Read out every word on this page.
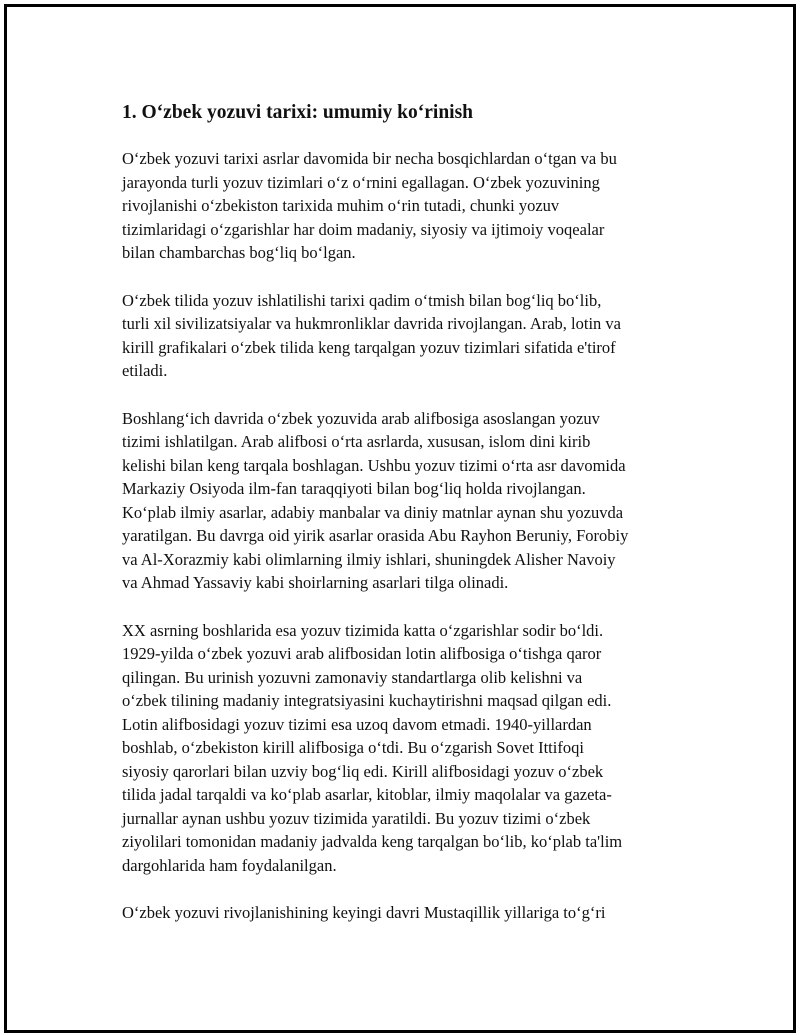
1. O‘zbek yozuvi tarixi: umumiy ko‘rinish

O‘zbek yozuvi tarixi asrlar davomida bir necha bosqichlardan o‘tgan va bu
jarayonda turli yozuv tizimlari o‘z o‘rnini egallagan. O‘zbek yozuvining
rivojlanishi o‘zbekiston tarixida muhim o‘rin tutadi, chunki yozuv
tizimlaridagi o‘zgarishlar har doim madaniy, siyosiy va ijtimoiy voqealar
bilan chambarchas bog‘liq bo‘lgan.

O‘zbek tilida yozuv ishlatilishi tarixi qadim o‘tmish bilan bog‘liq bo‘lib,
turli xil sivilizatsiyalar va hukmronliklar davrida rivojlangan. Arab, lotin va
kirill grafikalari o‘zbek tilida keng tarqalgan yozuv tizimlari sifatida e'tirof
etiladi.

Boshlang‘ich davrida o‘zbek yozuvida arab alifbosiga asoslangan yozuv
tizimi ishlatilgan. Arab alifbosi o‘rta asrlarda, xususan, islom dini kirib
kelishi bilan keng tarqala boshlagan. Ushbu yozuv tizimi o‘rta asr davomida
Markaziy Osiyoda ilm-fan taraqqiyoti bilan bog‘liq holda rivojlangan.
Ko‘plab ilmiy asarlar, adabiy manbalar va diniy matnlar aynan shu yozuvda
yaratilgan. Bu davrga oid yirik asarlar orasida Abu Rayhon Beruniy, Forobiy
va Al-Xorazmiy kabi olimlarning ilmiy ishlari, shuningdek Alisher Navoiy
va Ahmad Yassaviy kabi shoirlarning asarlari tilga olinadi.

XX asrning boshlarida esa yozuv tizimida katta o‘zgarishlar sodir bo‘ldi.
1929-yilda o‘zbek yozuvi arab alifbosidan lotin alifbosiga o‘tishga qaror
qilingan. Bu urinish yozuvni zamonaviy standartlarga olib kelishni va
o‘zbek tilining madaniy integratsiyasini kuchaytirishni maqsad qilgan edi.
Lotin alifbosidagi yozuv tizimi esa uzoq davom etmadi. 1940-yillardan
boshlab, o‘zbekiston kirill alifbosiga o‘tdi. Bu o‘zgarish Sovet Ittifoqi
siyosiy qarorlari bilan uzviy bog‘liq edi. Kirill alifbosidagi yozuv o‘zbek
tilida jadal tarqaldi va ko‘plab asarlar, kitoblar, ilmiy maqolalar va gazeta-
jurnallar aynan ushbu yozuv tizimida yaratildi. Bu yozuv tizimi o‘zbek
ziyolilari tomonidan madaniy jadvalda keng tarqalgan bo‘lib, ko‘plab ta'lim
dargohlarida ham foydalanilgan.

O‘zbek yozuvi rivojlanishining keyingi davri Mustaqillik yillariga to‘g‘ri
